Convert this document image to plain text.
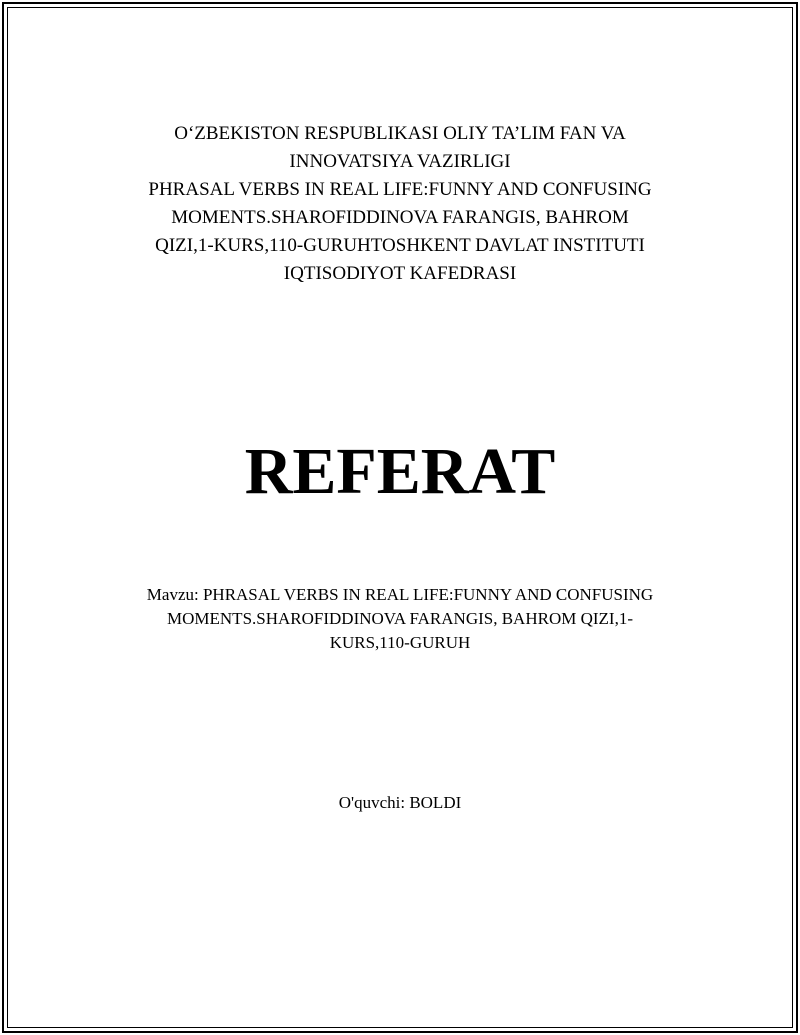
O‘ZBEKISTON RESPUBLIKASI OLIY TA’LIM FAN VA
INNOVATSIYA VAZIRLIGI
PHRASAL VERBS IN REAL LIFE:FUNNY AND CONFUSING
MOMENTS.SHAROFIDDINOVA FARANGIS, BAHROM
QIZI,1-KURS,110-GURUHTOSHKENT DAVLAT INSTITUTI
IQTISODIYOT KAFEDRASI
REFERAT
Mavzu: PHRASAL VERBS IN REAL LIFE:FUNNY AND CONFUSING
MOMENTS.SHAROFIDDINOVA FARANGIS, BAHROM QIZI,1-
KURS,110-GURUH
O'quvchi: BOLDI
